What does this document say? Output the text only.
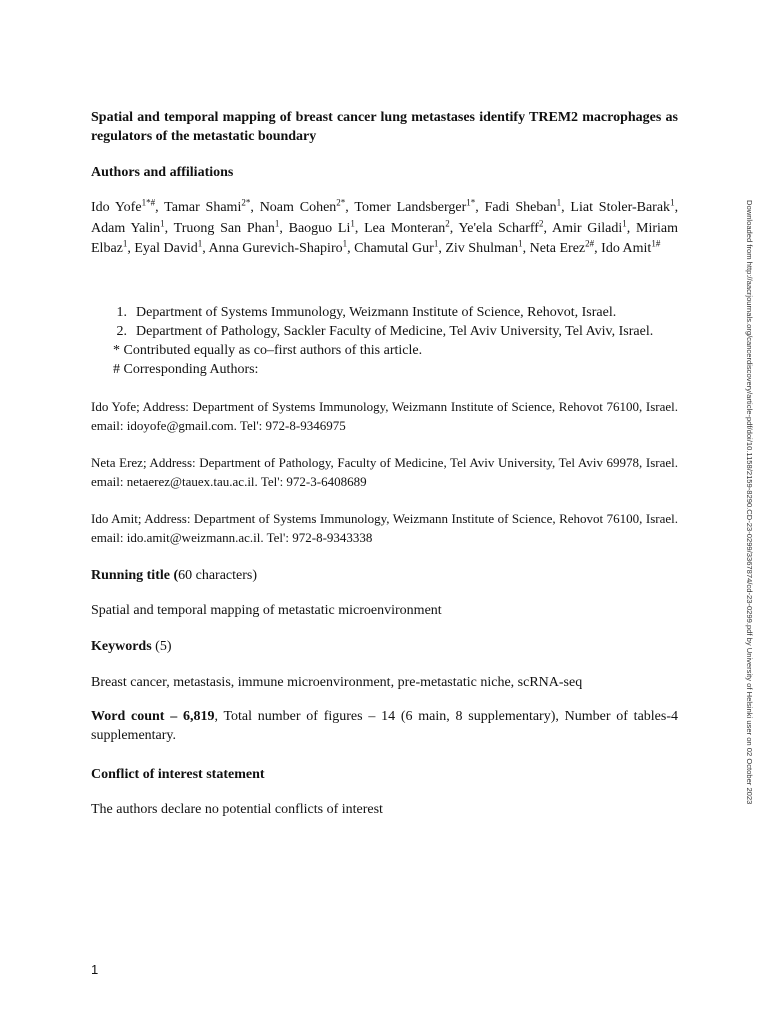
Spatial and temporal mapping of breast cancer lung metastases identify TREM2 macrophages as regulators of the metastatic boundary

Authors and affiliations

Ido Yofe$^{1*\#}$, Tamar Shami$^{2*}$, Noam Cohen$^{2*}$, Tomer Landsberger$^{1*}$, Fadi Sheban$^1$, Liat Stoler-Barak$^1$, Adam Yalin$^1$, Truong San Phan$^1$, Baoguo Li$^1$, Lea Monteran$^2$, Ye'ela Scharff$^2$, Amir Giladi$^1$, Miriam Elbaz$^1$, Eyal David$^1$, Anna Gurevich-Shapiro$^1$, Chamutal Gur$^1$, Ziv Shulman$^1$, Neta Erez$^{2\#}$, Ido Amit$^{1\#}$

1. Department of Systems Immunology, Weizmann Institute of Science, Rehovot, Israel.
2. Department of Pathology, Sackler Faculty of Medicine, Tel Aviv University, Tel Aviv, Israel.
* Contributed equally as co–first authors of this article.
# Corresponding Authors:

Ido Yofe; Address: Department of Systems Immunology, Weizmann Institute of Science, Rehovot 76100, Israel. email: idoyofe@gmail.com. Tel': 972-8-9346975

Neta Erez; Address: Department of Pathology, Faculty of Medicine, Tel Aviv University, Tel Aviv 69978, Israel. email: netaerez@tauex.tau.ac.il. Tel': 972-3-6408689

Ido Amit; Address: Department of Systems Immunology, Weizmann Institute of Science, Rehovot 76100, Israel. email: ido.amit@weizmann.ac.il. Tel': 972-8-9343338

Running title (60 characters)

Spatial and temporal mapping of metastatic microenvironment

Keywords (5)

Breast cancer, metastasis, immune microenvironment, pre-metastatic niche, scRNA-seq

Word count – 6,819, Total number of figures – 14 (6 main, 8 supplementary), Number of tables-4 supplementary.

Conflict of interest statement

The authors declare no potential conflicts of interest

1
Downloaded from http://aacrjournals.org/cancerdiscovery/article-pdf/doi/10.1158/2159-8290.CD-23-0299/3367874/cd-23-0299.pdf by University of Helsinki user on 02 October 2023
